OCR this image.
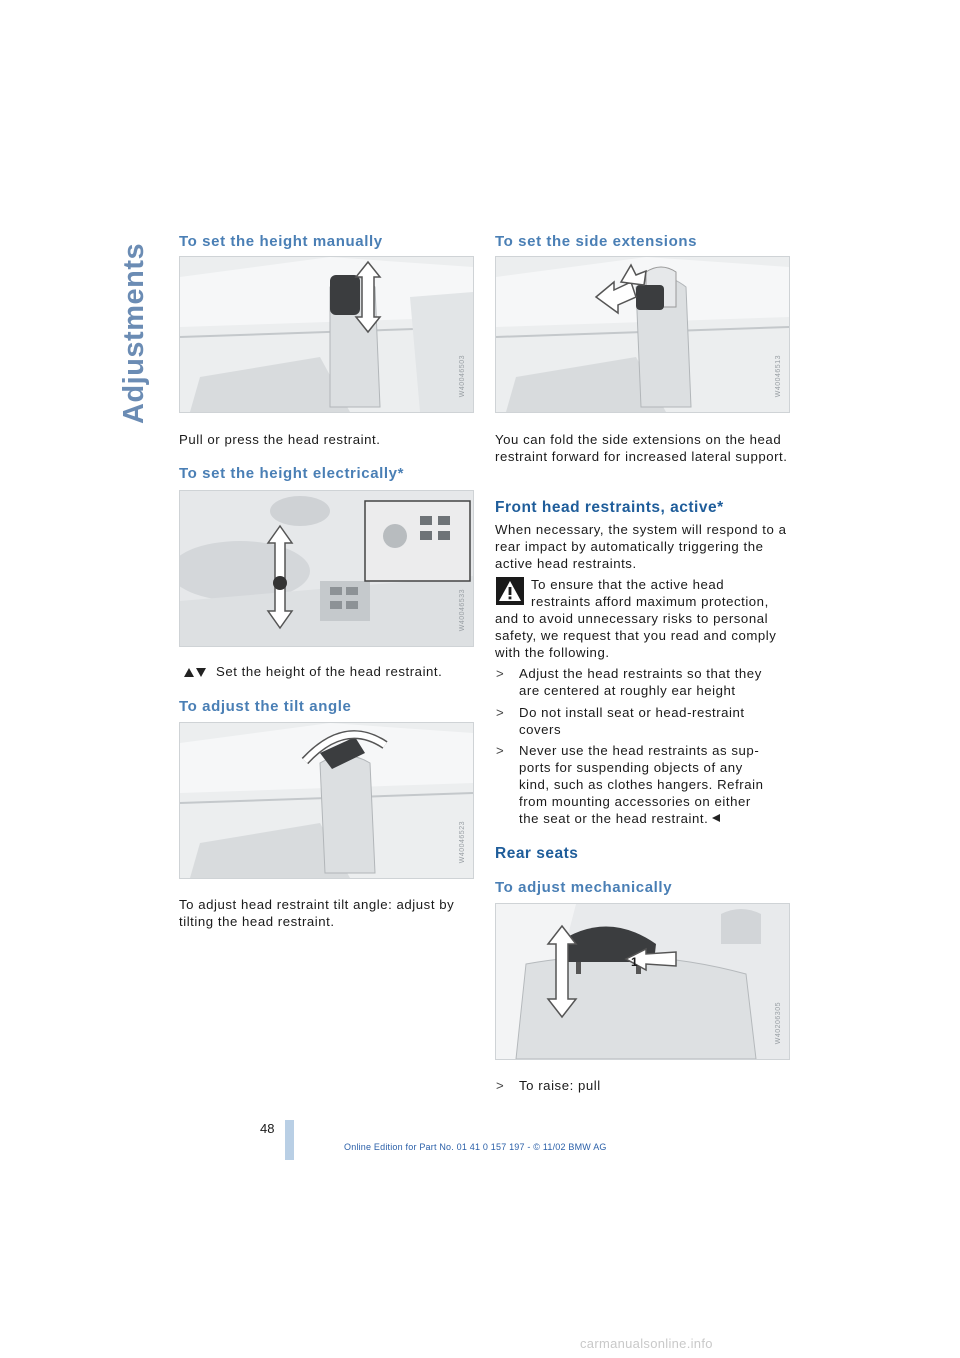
Adjustments
To set the height manually
W40046503

Pull or press the head restraint.

To set the height electrically*
W40046533

Set the height of the head restraint.

To adjust the tilt angle
W40046523

To adjust head restraint tilt angle: adjust by tilting the head restraint.

To set the side extensions
W40046513

You can fold the side extensions on the head restraint forward for increased lateral support.

Front head restraints, active*

When necessary, the system will respond to a rear impact by automatically triggering the active head restraints.

To ensure that the active head

restraints afford maximum protection,

and to avoid unnecessary risks to personal safety, we request that you read and comply with the following.

> Adjust the head restraints so that they are centered at roughly ear height
> Do not install seat or head-restraint covers
> Never use the head restraints as sup-ports for suspending objects of any kind, such as clothes hangers. Refrain from mounting accessories on either the seat or the head restraint.
Rear seats
To adjust mechanically
1
W40206305
> To raise: pull
48
Online Edition for Part No. 01 41 0 157 197 - © 11/02 BMW AG
carmanualsonline.info
